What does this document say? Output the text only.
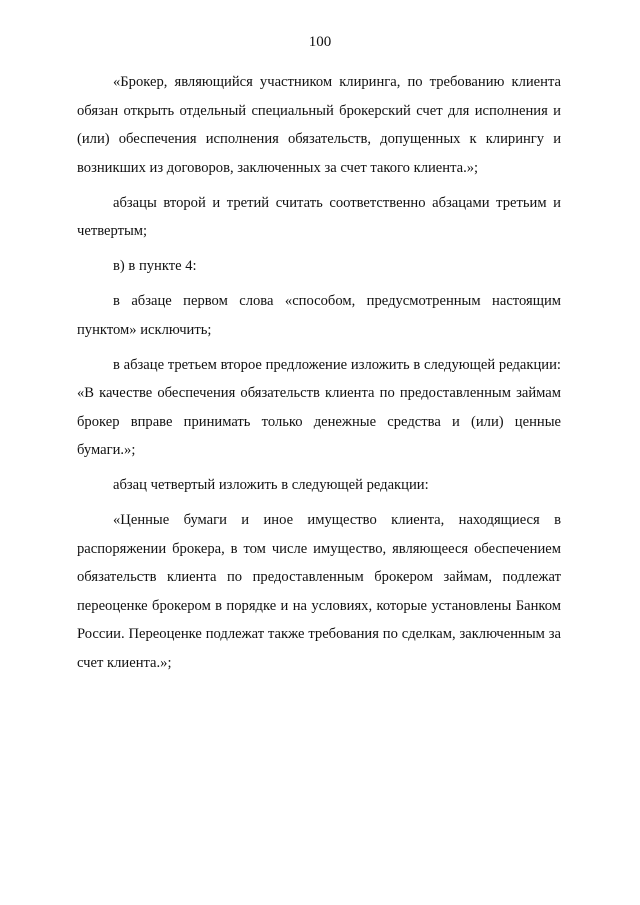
100

«Брокер, являющийся участником клиринга, по требованию клиента обязан открыть отдельный специальный брокерский счет для исполнения и (или) обеспечения исполнения обязательств, допущенных к клирингу и возникших из договоров, заключенных за счет такого клиента.»;

абзацы второй и третий считать соответственно абзацами третьим и четвертым;

в) в пункте 4:

в абзаце первом слова «способом, предусмотренным настоящим пунктом» исключить;

в абзаце третьем второе предложение изложить в следующей редакции: «В качестве обеспечения обязательств клиента по предоставленным займам брокер вправе принимать только денежные средства и (или) ценные бумаги.»;

абзац четвертый изложить в следующей редакции:

«Ценные бумаги и иное имущество клиента, находящиеся в распоряжении брокера, в том числе имущество, являющееся обеспечением обязательств клиента по предоставленным брокером займам, подлежат переоценке брокером в порядке и на условиях, которые установлены Банком России. Переоценке подлежат также требования по сделкам, заключенным за счет клиента.»;
